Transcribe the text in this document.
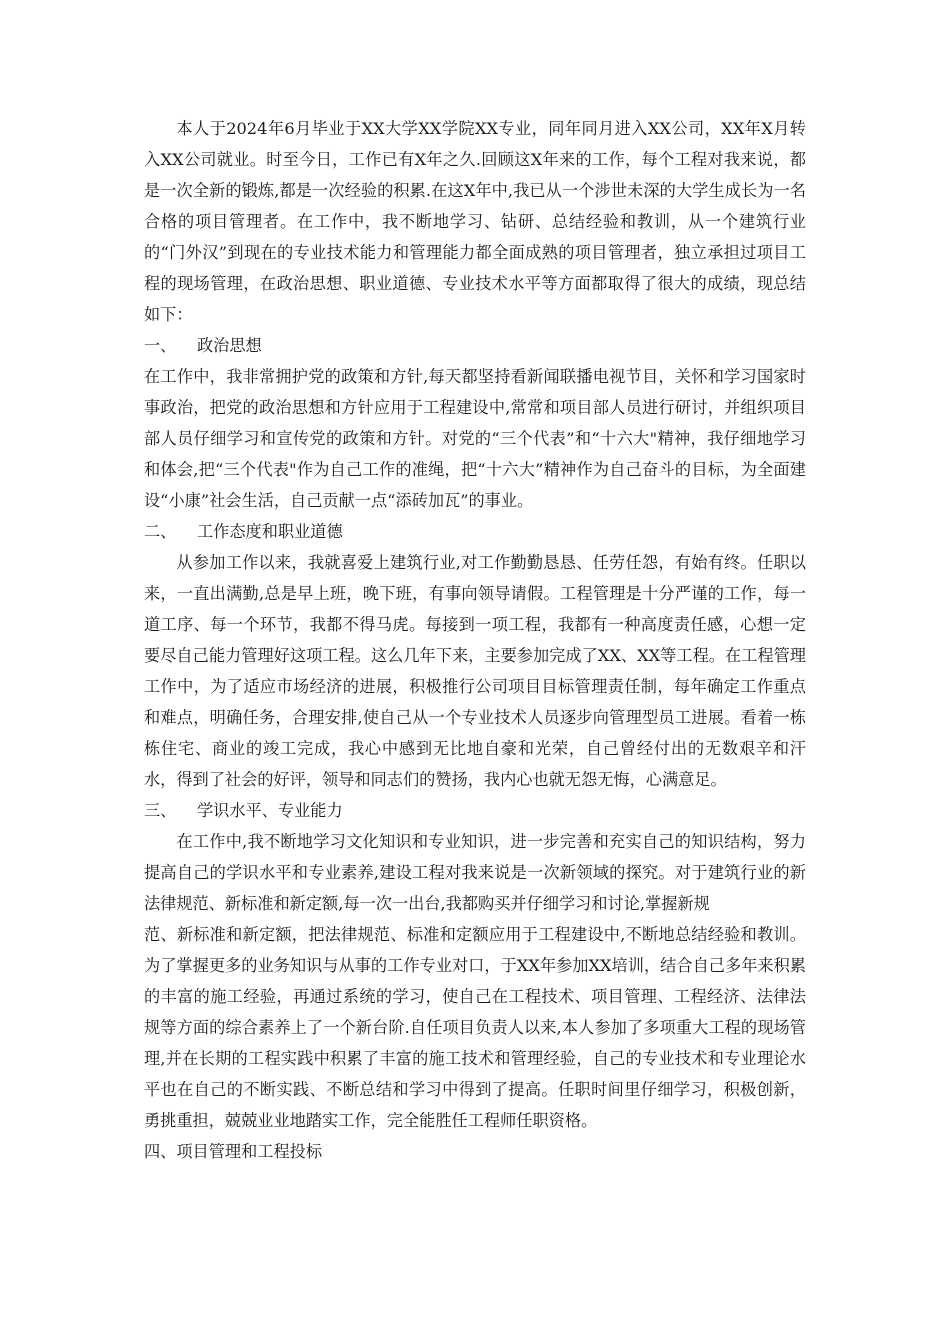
本人于2024年6月毕业于XX大学XX学院XX专业，同年同月进入XX公司，XX年X月转入XX公司就业。时至今日，工作已有X年之久.回顾这X年来的工作，每个工程对我来说，都是一次全新的锻炼,都是一次经验的积累.在这X年中,我已从一个涉世未深的大学生成长为一名合格的项目管理者。在工作中，我不断地学习、钻研、总结经验和教训，从一个建筑行业的“门外汉”到现在的专业技术能力和管理能力都全面成熟的项目管理者，独立承担过项目工程的现场管理，在政治思想、职业道德、专业技术水平等方面都取得了很大的成绩，现总结如下：

一、    政治思想

在工作中，我非常拥护党的政策和方针,每天都坚持看新闻联播电视节目，关怀和学习国家时事政治，把党的政治思想和方针应用于工程建设中,常常和项目部人员进行研讨，并组织项目部人员仔细学习和宣传党的政策和方针。对党的“三个代表”和“十六大"精神，我仔细地学习和体会,把“三个代表"作为自己工作的准绳，把“十六大”精神作为自己奋斗的目标，为全面建设“小康”社会生活，自己贡献一点“添砖加瓦”的事业。

二、    工作态度和职业道德

从参加工作以来，我就喜爱上建筑行业,对工作勤勤恳恳、任劳任怨，有始有终。任职以来，一直出满勤,总是早上班，晚下班，有事向领导请假。工程管理是十分严谨的工作，每一道工序、每一个环节，我都不得马虎。每接到一项工程，我都有一种高度责任感，心想一定要尽自己能力管理好这项工程。这么几年下来，主要参加完成了XX、XX等工程。在工程管理工作中，为了适应市场经济的进展，积极推行公司项目目标管理责任制，每年确定工作重点和难点，明确任务，合理安排,使自己从一个专业技术人员逐步向管理型员工进展。看着一栋栋住宅、商业的竣工完成，我心中感到无比地自豪和光荣，自己曾经付出的无数艰辛和汗水，得到了社会的好评，领导和同志们的赞扬，我内心也就无怨无悔，心满意足。

三、    学识水平、专业能力

在工作中,我不断地学习文化知识和专业知识，进一步完善和充实自己的知识结构，努力提高自己的学识水平和专业素养,建设工程对我来说是一次新领域的探究。对于建筑行业的新法律规范、新标准和新定额,每一次一出台,我都购买并仔细学习和讨论,掌握新规

范、新标准和新定额，把法律规范、标准和定额应用于工程建设中,不断地总结经验和教训。为了掌握更多的业务知识与从事的工作专业对口，于XX年参加XX培训，结合自己多年来积累的丰富的施工经验，再通过系统的学习，使自己在工程技术、项目管理、工程经济、法律法规等方面的综合素养上了一个新台阶.自任项目负责人以来,本人参加了多项重大工程的现场管理,并在长期的工程实践中积累了丰富的施工技术和管理经验，自己的专业技术和专业理论水平也在自己的不断实践、不断总结和学习中得到了提高。任职时间里仔细学习，积极创新，勇挑重担，兢兢业业地踏实工作，完全能胜任工程师任职资格。

四、项目管理和工程投标
